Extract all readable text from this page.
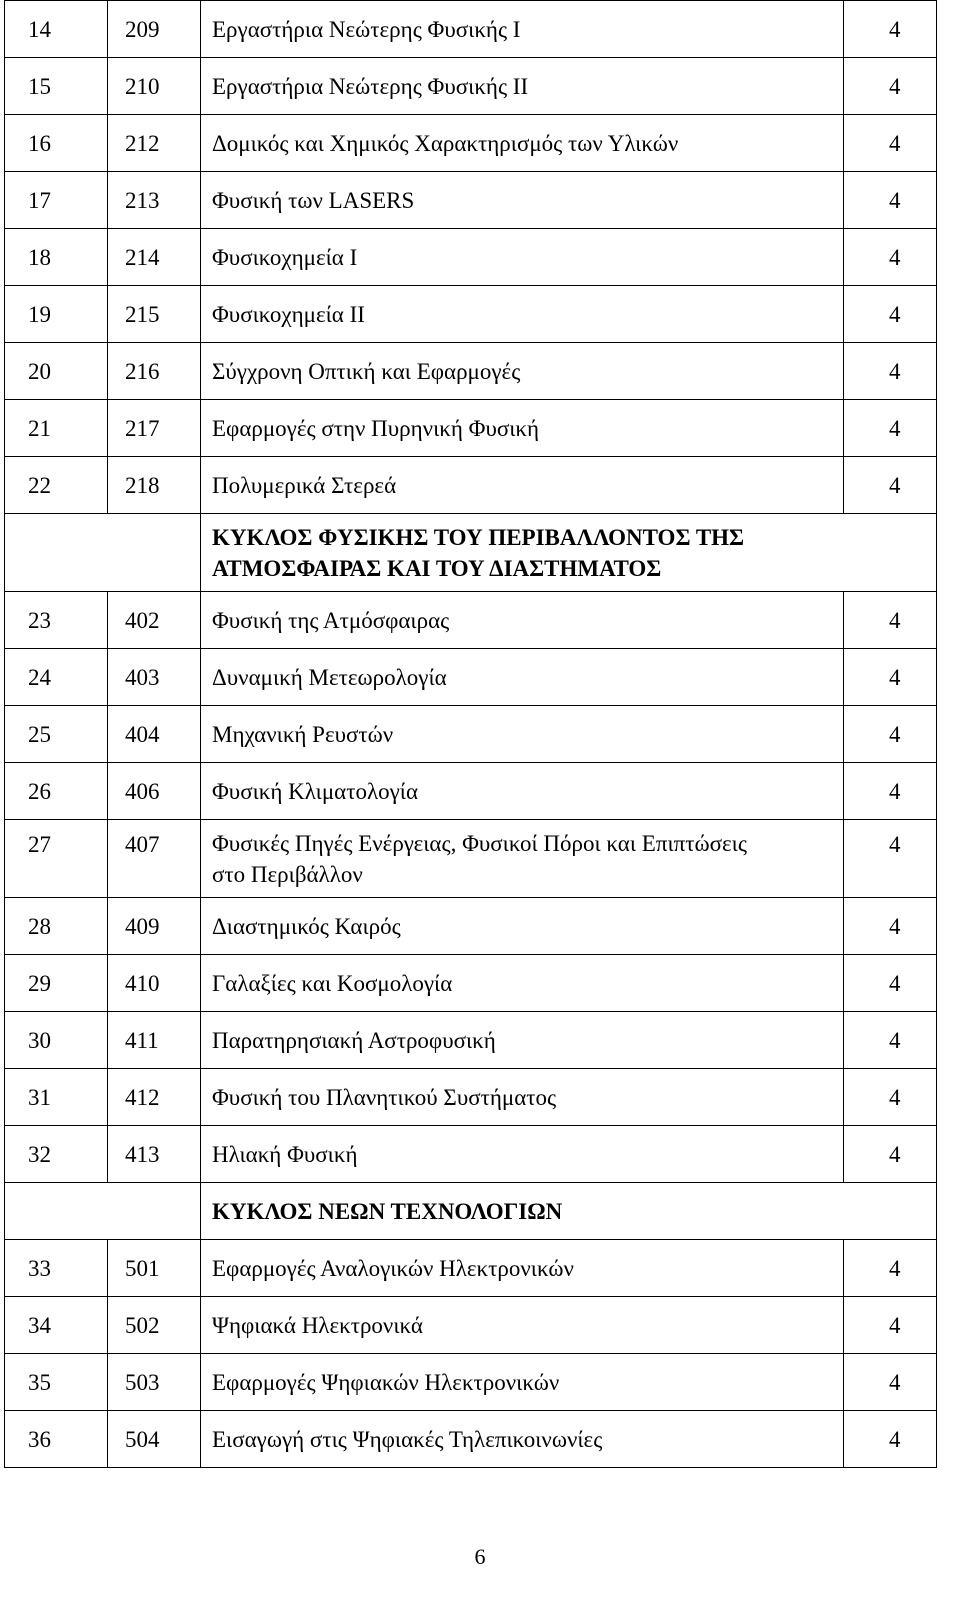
14	209	Εργαστήρια Νεώτερης Φυσικής Ι	4
15	210	Εργαστήρια Νεώτερης Φυσικής ΙΙ	4
16	212	Δομικός και Χημικός Χαρακτηρισμός των Υλικών	4
17	213	Φυσική των LASERS	4
18	214	Φυσικοχημεία Ι	4
19	215	Φυσικοχημεία ΙΙ	4
20	216	Σύγχρονη Οπτική και Εφαρμογές	4
21	217	Εφαρμογές στην Πυρηνική Φυσική	4
22	218	Πολυμερικά Στερεά	4
		ΚΥΚΛΟΣ ΦΥΣΙΚΗΣ ΤΟΥ ΠΕΡΙΒΑΛΛΟΝΤΟΣ ΤΗΣ
ΑΤΜΟΣΦΑΙΡΑΣ ΚΑΙ ΤΟΥ ΔΙΑΣΤΗΜΑΤΟΣ	
23	402	Φυσική της Ατμόσφαιρας	4
24	403	Δυναμική Μετεωρολογία	4
25	404	Μηχανική Ρευστών	4
26	406	Φυσική Κλιματολογία	4
27	407	Φυσικές Πηγές Ενέργειας, Φυσικοί Πόροι και Επιπτώσεις
στο Περιβάλλον	4
28	409	Διαστημικός Καιρός	4
29	410	Γαλαξίες και Κοσμολογία	4
30	411	Παρατηρησιακή Αστροφυσική	4
31	412	Φυσική του Πλανητικού Συστήματος	4
32	413	Ηλιακή Φυσική	4
		ΚΥΚΛΟΣ ΝΕΩΝ ΤΕΧΝΟΛΟΓΙΩΝ	
33	501	Εφαρμογές Αναλογικών Ηλεκτρονικών	4
34	502	Ψηφιακά Ηλεκτρονικά	4
35	503	Εφαρμογές Ψηφιακών Ηλεκτρονικών	4
36	504	Εισαγωγή στις Ψηφιακές Τηλεπικοινωνίες	4
6
